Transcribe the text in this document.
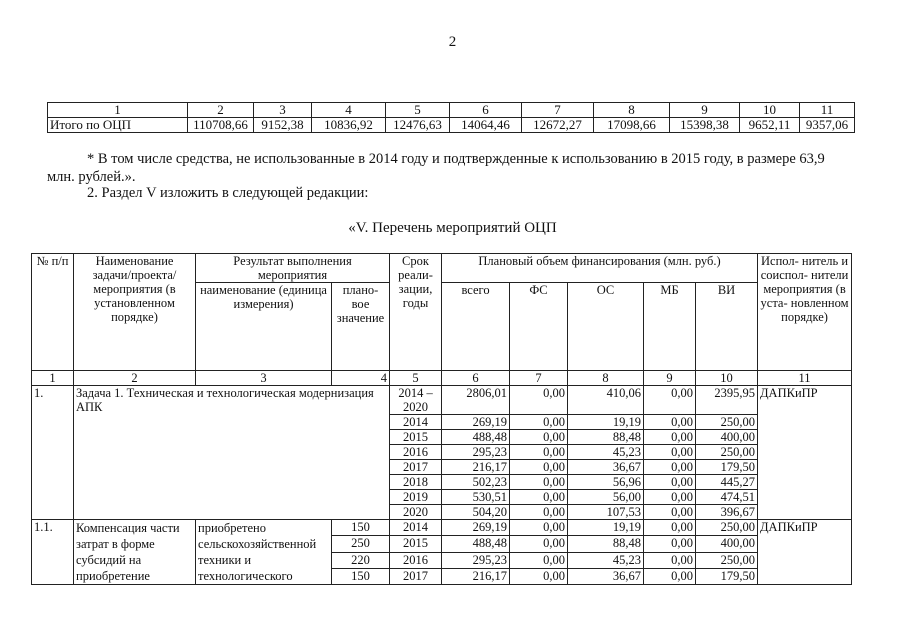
2
1	2	3	4	5	6	7	8	9	10	11
Итого по ОЦП	110708,66	9152,38	10836,92	12476,63	14064,46	12672,27	17098,66	15398,38	9652,11	9357,06
* В том числе средства, не использованные в 2014 году и подтвержденные к использованию в 2015 году, в размере 63,9 млн. рублей.».
2. Раздел V изложить в следующей редакции:
«V. Перечень мероприятий ОЦП
№ п/п	Наименование задачи/проекта/ мероприятия (в установленном порядке)	Результат выполнения мероприятия		Срок реали- зации, годы	Плановый объем финансирования (млн. руб.)					Испол- нитель и соиспол- нители мероприятия (в уста- новленном порядке)
		наименование (единица измерения)	плано- вое значение		всего	ФС	ОС	МБ	ВИ	
1	2	3	4	5	6	7	8	9	10	11
1.	Задача 1. Техническая и технологическая модернизация АПК			2014 – 2020	2806,01	0,00	410,06	0,00	2395,95	ДАПКиПР
				2014	269,19	0,00	19,19	0,00	250,00	
				2015	488,48	0,00	88,48	0,00	400,00	
				2016	295,23	0,00	45,23	0,00	250,00	
				2017	216,17	0,00	36,67	0,00	179,50	
				2018	502,23	0,00	56,96	0,00	445,27	
				2019	530,51	0,00	56,00	0,00	474,51	
				2020	504,20	0,00	107,53	0,00	396,67	
1.1.	Компенсация части затрат в форме субсидий на приобретение	приобретено сельскохозяйственной техники и технологического	150	2014	269,19	0,00	19,19	0,00	250,00	ДАПКиПР
			250	2015	488,48	0,00	88,48	0,00	400,00	
			220	2016	295,23	0,00	45,23	0,00	250,00	
			150	2017	216,17	0,00	36,67	0,00	179,50	
